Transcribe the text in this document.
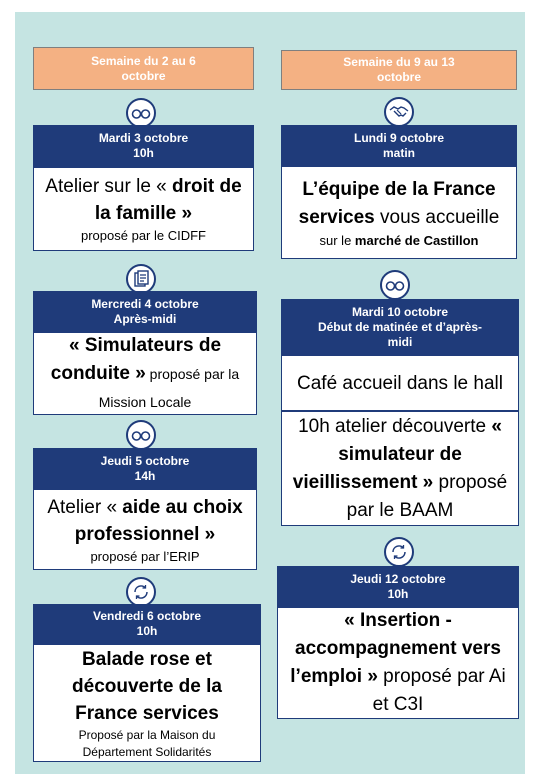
Semaine du 2 au 6
octobre
Semaine du 9 au 13
octobre
Mardi 3 octobre
10h
Atelier sur le « droit de la famille »
proposé par le CIDFF
Mercredi 4 octobre
Après-midi
« Simulateurs de conduite » proposé par la Mission Locale
Jeudi 5 octobre
14h
Atelier « aide au choix professionnel »
proposé par l’ERIP
Vendredi 6 octobre
10h
Balade rose et découverte de la France services
Proposé par la Maison du
Département Solidarités
Lundi 9 octobre
matin
L’équipe de la France services vous accueille
sur le marché de Castillon
Mardi 10 octobre
Début de matinée et d’après-
midi
Café accueil dans le hall
10h atelier découverte « simulateur de vieillissement » proposé par le BAAM
Jeudi 12 octobre
10h
« Insertion - accompagnement vers l’emploi » proposé par Ai et C3I
